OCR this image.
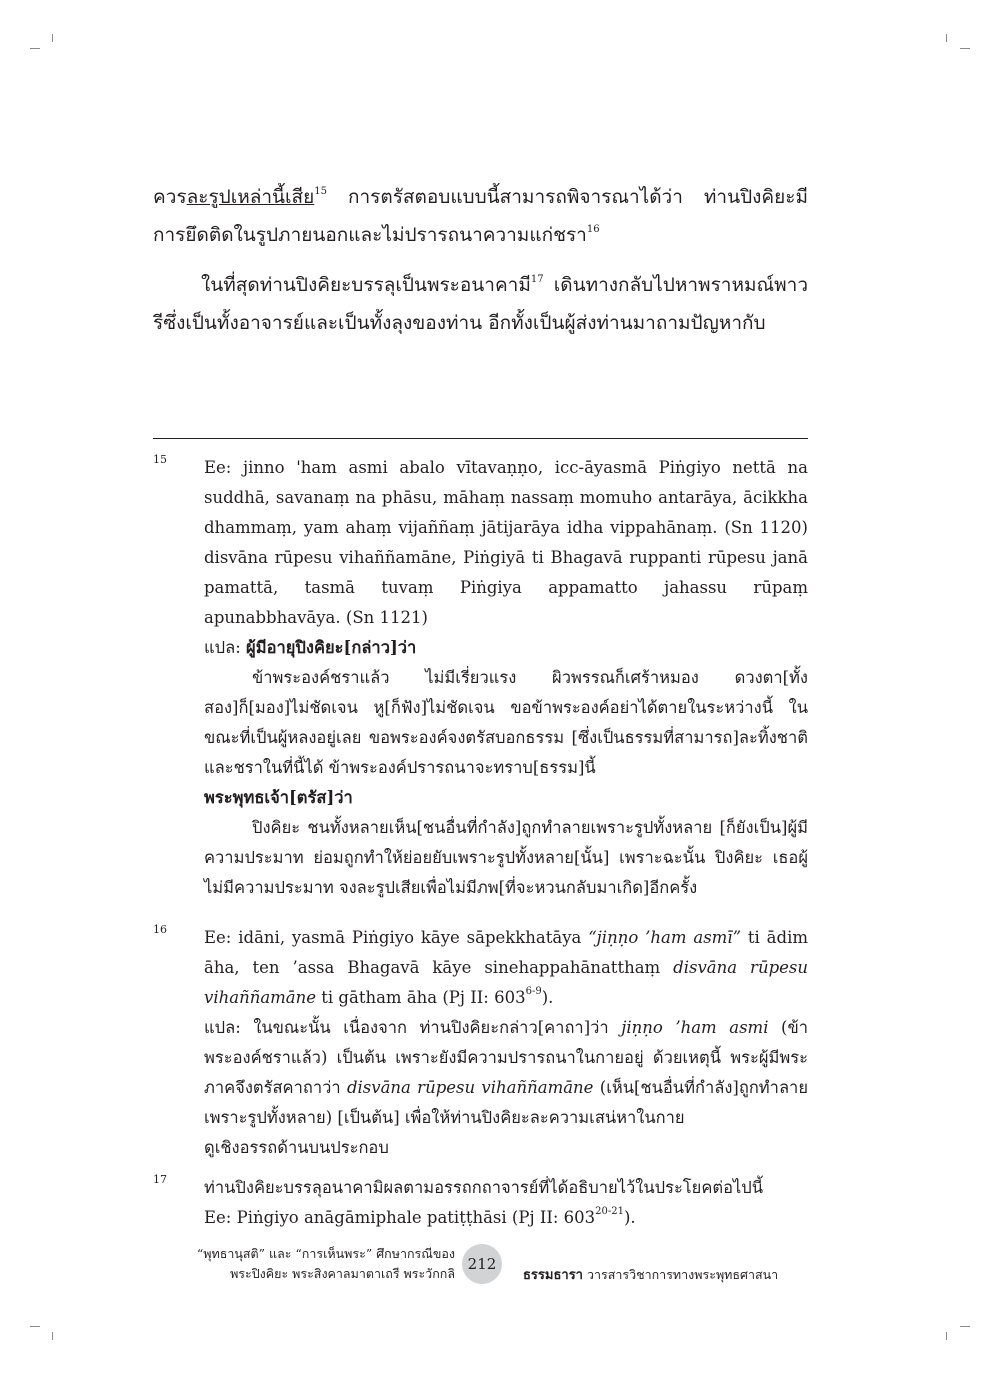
ควรละรูปเหล่านี้เสีย$^{15}$ การตรัสตอบแบบนี้สามารถพิจารณาได้ว่า ท่านปิงคิยะมีการยึดติดในรูปภายนอกและไม่ปรารถนาความแก่ชรา$^{16}$

ในที่สุดท่านปิงคิยะบรรลุเป็นพระอนาคามี$^{17}$ เดินทางกลับไปหาพราหมณ์พาวรีซึ่งเป็นทั้งอาจารย์และเป็นทั้งลุงของท่าน อีกทั้งเป็นผู้ส่งท่านมาถามปัญหากับ

15 Ee: jinno 'ham asmi abalo vītavaṇṇo, icc-āyasmā Piṅgiyo nettā na suddhā, savanaṃ na phāsu, māhaṃ nassaṃ momuho antarāya, ācikkha dhammaṃ, yam ahaṃ vijaññaṃ jātijarāya idha vippahānaṃ. (Sn 1120)

disvāna rūpesu vihaññamāne, Piṅgiyā ti Bhagavā ruppanti rūpesu janā pamattā, tasmā tuvaṃ Piṅgiya appamatto jahassu rūpaṃ apunabbhavāya. (Sn 1121)

แปล: ผู้มีอายุปิงคิยะ[กล่าว]ว่า

ข้าพระองค์ชราแล้ว ไม่มีเรี่ยวแรง ผิวพรรณก็เศร้าหมอง ดวงตา[ทั้งสอง]ก็[มอง]ไม่ชัดเจน หู[ก็ฟัง]ไม่ชัดเจน ขอข้าพระองค์อย่าได้ตายในระหว่างนี้ ในขณะที่เป็นผู้หลงอยู่เลย ขอพระองค์จงตรัสบอกธรรม [ซึ่งเป็นธรรมที่สามารถ]ละทิ้งชาติและชราในที่นี้ได้ ข้าพระองค์ปรารถนาจะทราบ[ธรรม]นี้

พระพุทธเจ้า[ตรัส]ว่า

ปิงคิยะ ชนทั้งหลายเห็น[ชนอื่นที่กำลัง]ถูกทำลายเพราะรูปทั้งหลาย [ก็ยังเป็น]ผู้มีความประมาท ย่อมถูกทำให้ย่อยยับเพราะรูปทั้งหลาย[นั้น] เพราะฉะนั้น ปิงคิยะ เธอผู้ไม่มีความประมาท จงละรูปเสียเพื่อไม่มีภพ[ที่จะหวนกลับมาเกิด]อีกครั้ง

16 Ee: idāni, yasmā Piṅgiyo kāye sāpekkhatāya “jiṇṇo ’ham asmī” ti ādim āha, ten ’assa Bhagavā kāye sinehappahānatthaṃ disvāna rūpesu vihaññamāne ti gātham āha (Pj II: 603$^{6-9}$).

แปล: ในขณะนั้น เนื่องจาก ท่านปิงคิยะกล่าว[คาถา]ว่า jiṇṇo ’ham asmi (ข้าพระองค์ชราแล้ว) เป็นต้น เพราะยังมีความปรารถนาในกายอยู่ ด้วยเหตุนี้ พระผู้มีพระภาคจึงตรัสคาถาว่า disvāna rūpesu vihaññamāne (เห็น[ชนอื่นที่กำลัง]ถูกทำลายเพราะรูปทั้งหลาย) [เป็นต้น] เพื่อให้ท่านปิงคิยะละความเสน่หาในกาย

ดูเชิงอรรถด้านบนประกอบ

17 ท่านปิงคิยะบรรลุอนาคามิผลตามอรรถกถาจารย์ที่ได้อธิบายไว้ในประโยคต่อไปนี้

Ee: Piṅgiyo anāgāmiphale patiṭṭhāsi (Pj II: 603$^{20-21}$).

“พุทธานุสติ” และ “การเห็นพระ” ศึกษากรณีของ
พระปิงคิยะ พระสิงคาลมาตาเถรี พระวักกลิ
212
ธรรมธารา วารสารวิชาการทางพระพุทธศาสนา
